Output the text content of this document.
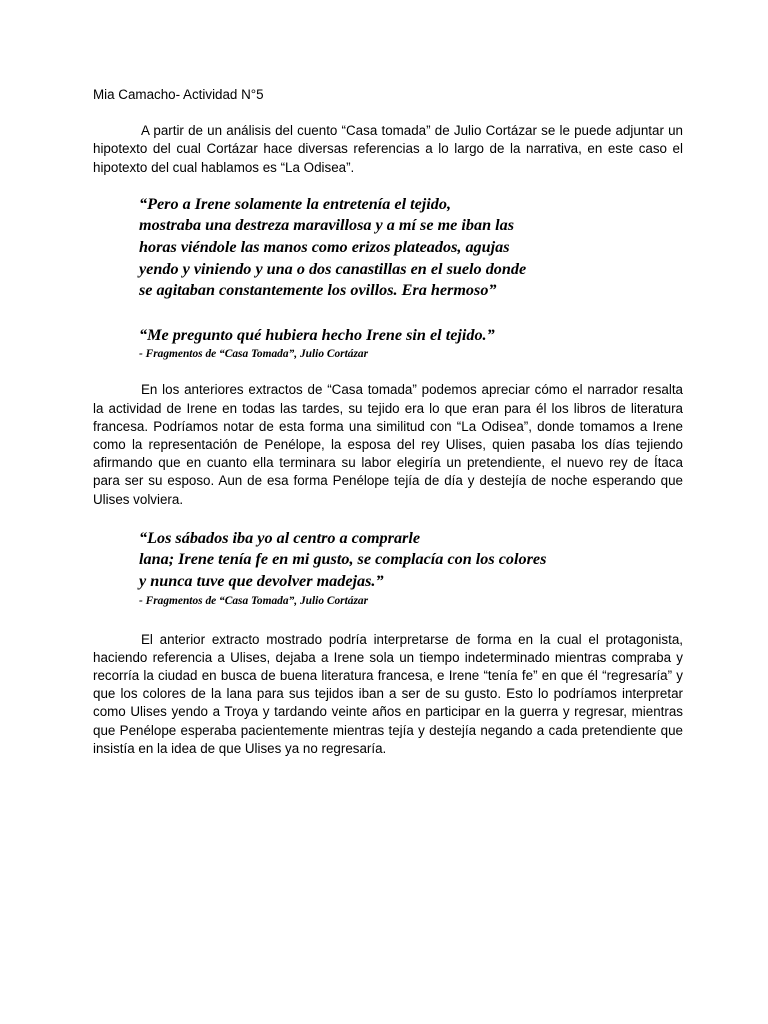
Mia Camacho- Actividad N°5

A partir de un análisis del cuento “Casa tomada” de Julio Cortázar se le puede adjuntar un hipotexto del cual Cortázar hace diversas referencias a lo largo de la narrativa, en este caso el hipotexto del cual hablamos es “La Odisea”.

“Pero a Irene solamente la entretenía el tejido,
mostraba una destreza maravillosa y a mí se me iban las
horas viéndole las manos como erizos plateados, agujas
yendo y viniendo y una o dos canastillas en el suelo donde
se agitaban constantemente los ovillos. Era hermoso”
“Me pregunto qué hubiera hecho Irene sin el tejido.”
- Fragmentos de “Casa Tomada”, Julio Cortázar

En los anteriores extractos de “Casa tomada” podemos apreciar cómo el narrador resalta la actividad de Irene en todas las tardes, su tejido era lo que eran para él los libros de literatura francesa. Podríamos notar de esta forma una similitud con “La Odisea”, donde tomamos a Irene como la representación de Penélope, la esposa del rey Ulises, quien pasaba los días tejiendo afirmando que en cuanto ella terminara su labor elegiría un pretendiente, el nuevo rey de Ítaca para ser su esposo. Aun de esa forma Penélope tejía de día y destejía de noche esperando que Ulises volviera.

“Los sábados iba yo al centro a comprarle
lana; Irene tenía fe en mi gusto, se complacía con los colores
y nunca tuve que devolver madejas.”
- Fragmentos de “Casa Tomada”, Julio Cortázar

El anterior extracto mostrado podría interpretarse de forma en la cual el protagonista, haciendo referencia a Ulises, dejaba a Irene sola un tiempo indeterminado mientras compraba y recorría la ciudad en busca de buena literatura francesa, e Irene “tenía fe” en que él “regresaría” y que los colores de la lana para sus tejidos iban a ser de su gusto. Esto lo podríamos interpretar como Ulises yendo a Troya y tardando veinte años en participar en la guerra y regresar, mientras que Penélope esperaba pacientemente mientras tejía y destejía negando a cada pretendiente que insistía en la idea de que Ulises ya no regresaría.
